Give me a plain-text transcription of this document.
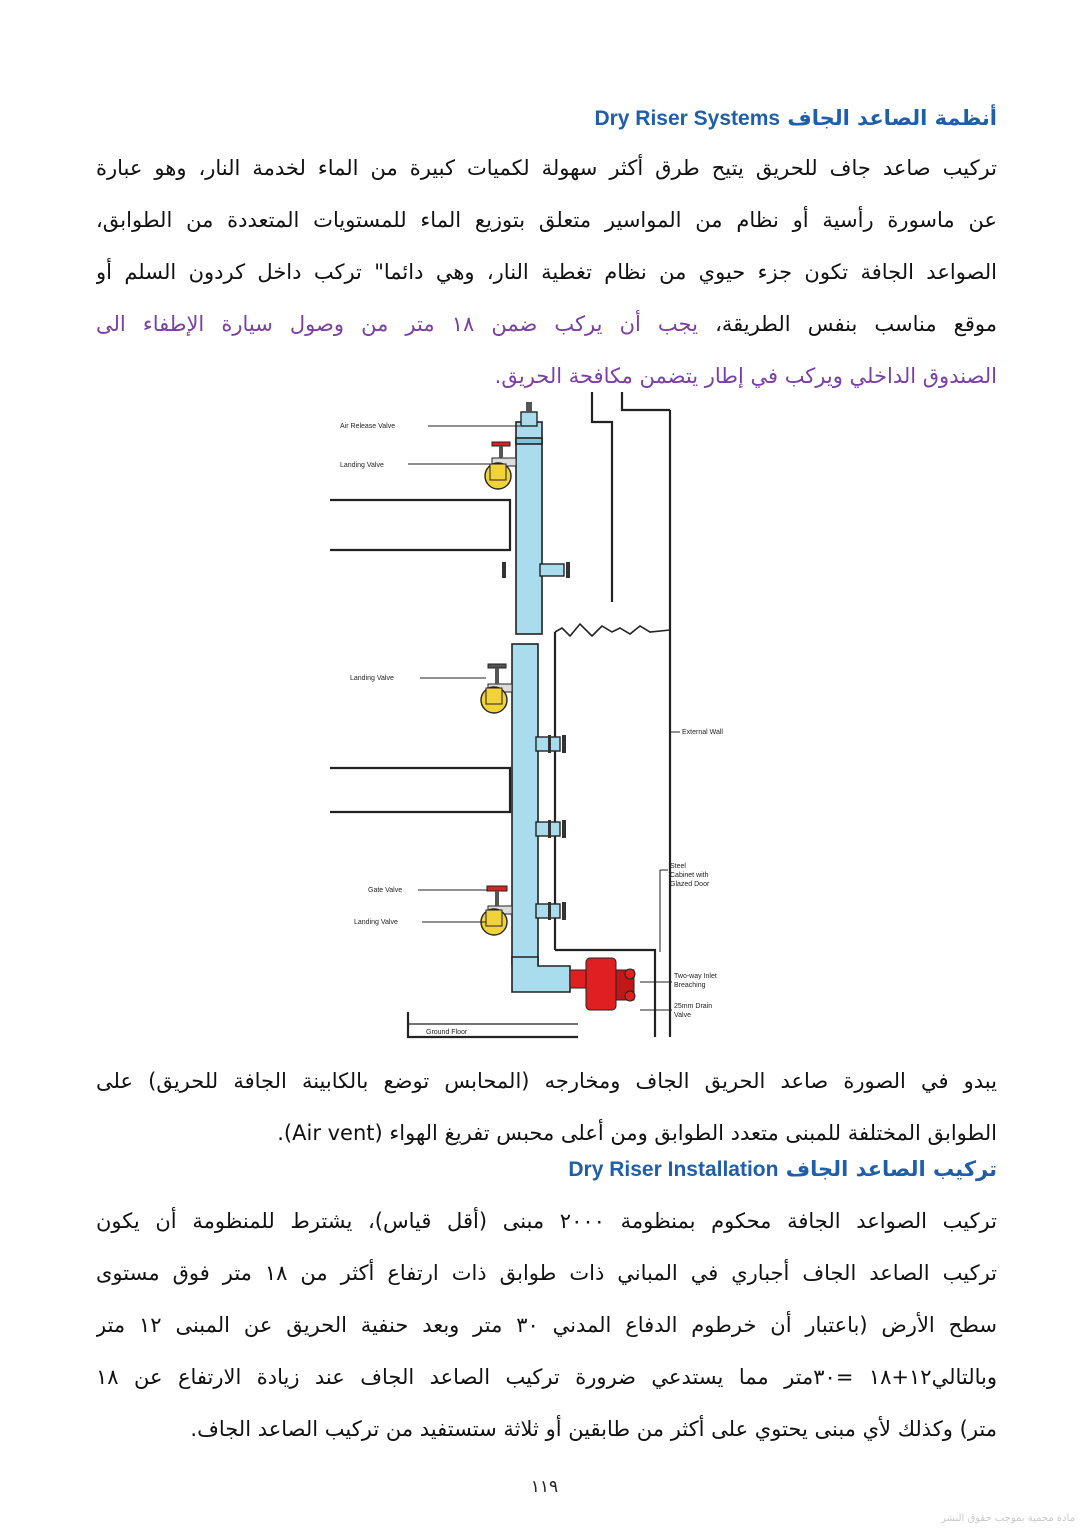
أنظمة الصاعد الجاف Dry Riser Systems
تركيب صاعد جاف للحريق يتيح طرق أكثر سهولة لكميات كبيرة من الماء لخدمة النار، وهو عبارة
عن ماسورة رأسية أو نظام من المواسير متعلق بتوزيع الماء للمستويات المتعددة من الطوابق،
الصواعد الجافة تكون جزء حيوي من نظام تغطية النار، وهي دائما" تركب داخل كردون السلم أو
موقع مناسب بنفس الطريقة، يجب أن يركب ضمن ١٨ متر من وصول سيارة الإطفاء الى
الصندوق الداخلي ويركب في إطار يتضمن مكافحة الحريق.
Air Release Valve
Landing Valve
Landing Valve
External Wall
Gate Valve
Landing Valve
Steel Cabinet with Glazed Door
Two-way Inlet Breaching
25mm Drain Valve
Ground Floor
يبدو في الصورة صاعد الحريق الجاف ومخارجه (المحابس توضع بالكابينة الجافة للحريق) على
الطوابق المختلفة للمبنى متعدد الطوابق ومن أعلى محبس تفريغ الهواء (Air vent).
تركيب الصاعد الجاف Dry Riser Installation
تركيب الصواعد الجافة محكوم بمنظومة ٢٠٠٠ مبنى (أقل قياس)، يشترط للمنظومة أن يكون
تركيب الصاعد الجاف أجباري في المباني ذات طوابق ذات ارتفاع أكثر من ١٨ متر فوق مستوى
سطح الأرض (باعتبار أن خرطوم الدفاع المدني ٣٠ متر وبعد حنفية الحريق عن المبنى ١٢ متر
وبالتالي١٢+١٨ =٣٠متر مما يستدعي ضرورة تركيب الصاعد الجاف عند زيادة الارتفاع عن ١٨
متر) وكذلك لأي مبنى يحتوي على أكثر من طابقين أو ثلاثة ستستفيد من تركيب الصاعد الجاف.
١١٩
مادة محمية بموجب حقوق النشر
